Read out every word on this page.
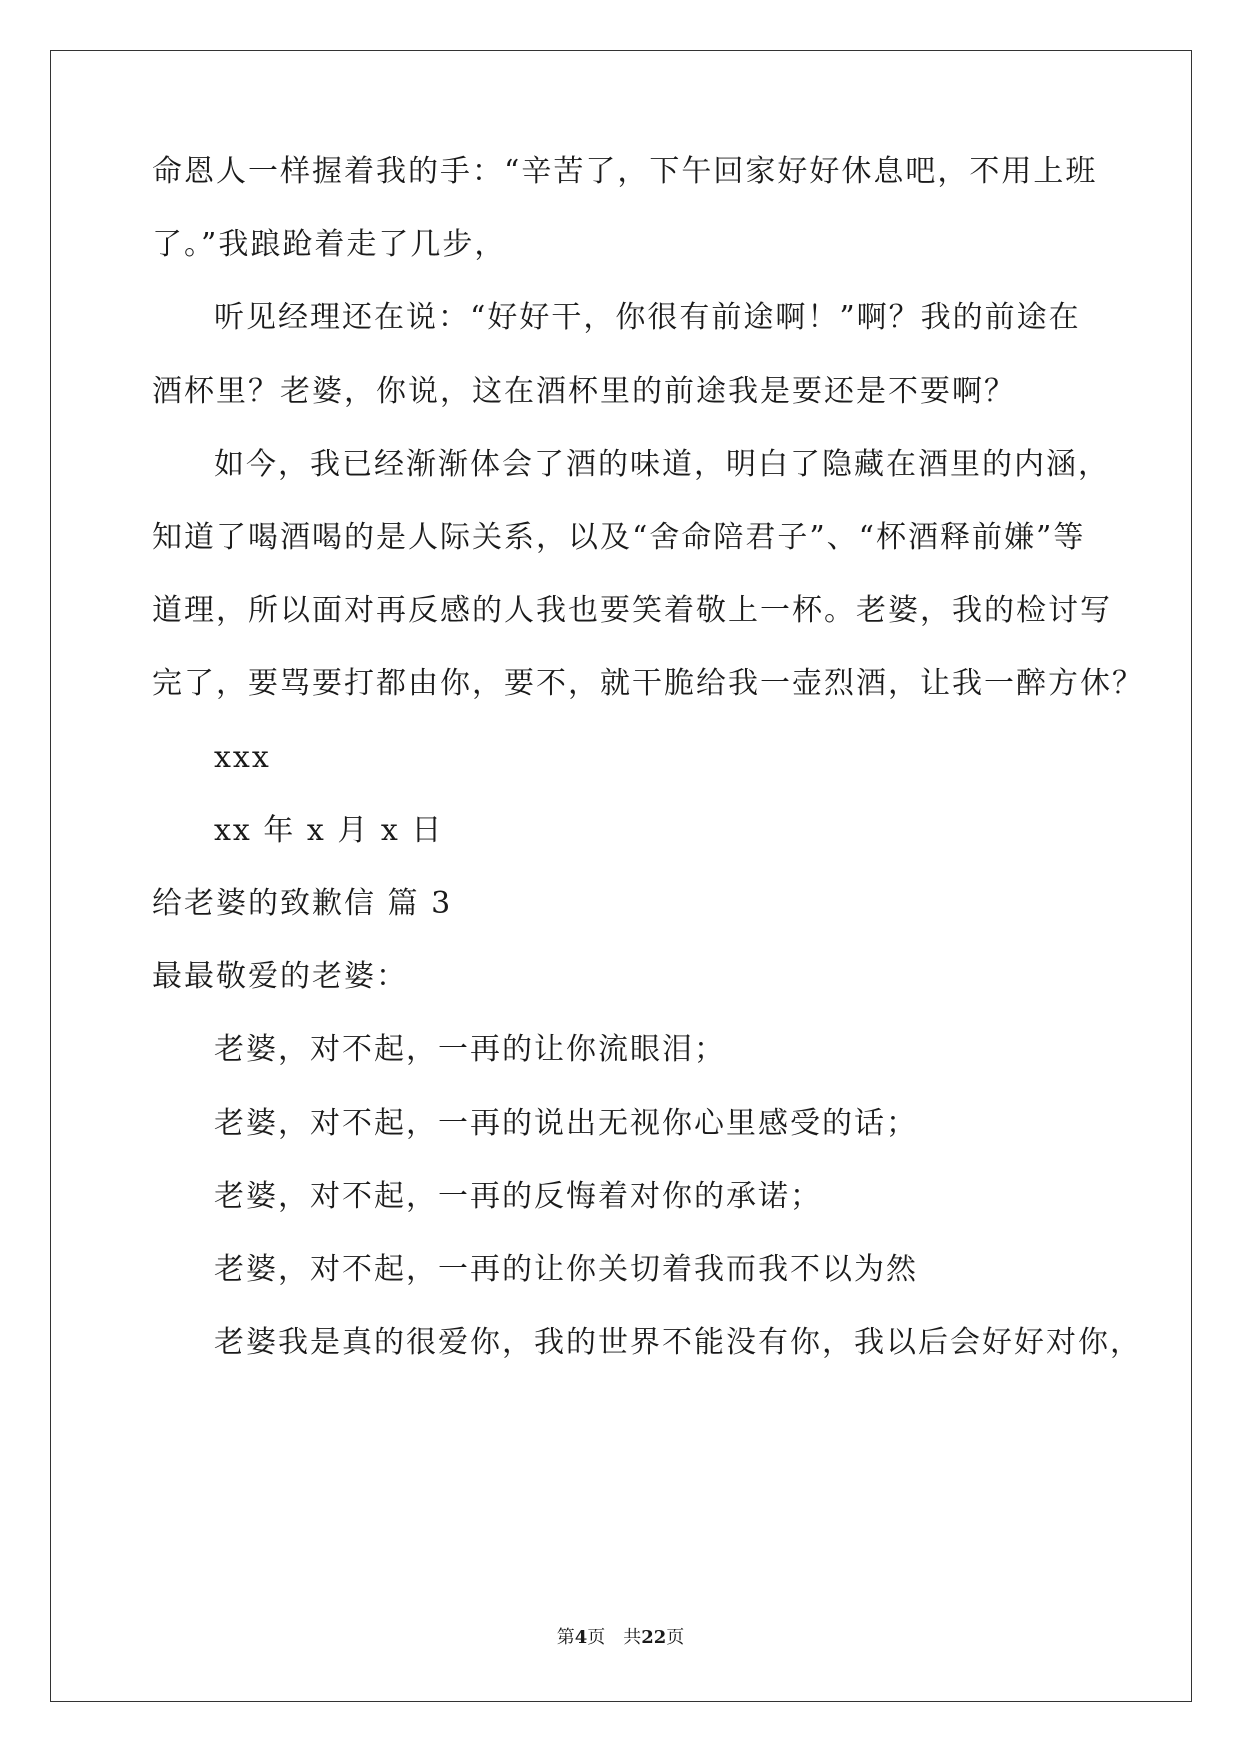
命恩人一样握着我的手：“辛苦了，下午回家好好休息吧，不用上班
了。”我踉跄着走了几步，
听见经理还在说：“好好干，你很有前途啊！”啊？我的前途在
酒杯里？老婆，你说，这在酒杯里的前途我是要还是不要啊？
如今，我已经渐渐体会了酒的味道，明白了隐藏在酒里的内涵，
知道了喝酒喝的是人际关系，以及“舍命陪君子”、“杯酒释前嫌”等
道理，所以面对再反感的人我也要笑着敬上一杯。老婆，我的检讨写
完了，要骂要打都由你，要不，就干脆给我一壶烈酒，让我一醉方休？
xxx
xx 年 x 月 x 日
给老婆的致歉信 篇 3
最最敬爱的老婆：
老婆，对不起，一再的让你流眼泪；
老婆，对不起，一再的说出无视你心里感受的话；
老婆，对不起，一再的反悔着对你的承诺；
老婆，对不起，一再的让你关切着我而我不以为然
老婆我是真的很爱你，我的世界不能没有你，我以后会好好对你，
第4页　共22页
